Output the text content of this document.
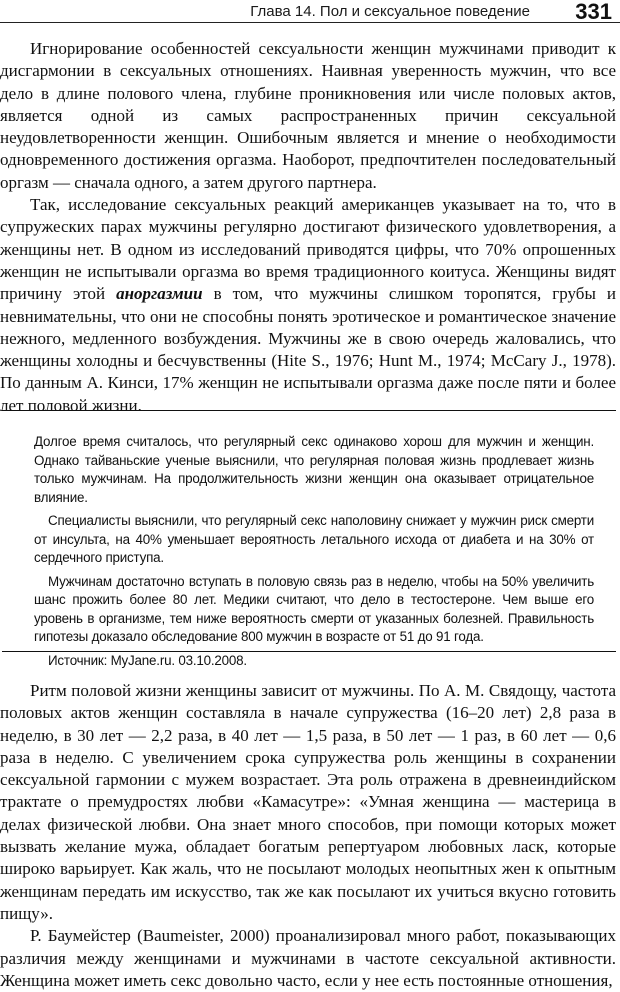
Глава 14. Пол и сексуальное поведение 331

Игнорирование особенностей сексуальности женщин мужчинами приводит к дисгармонии в сексуальных отношениях. Наивная уверенность мужчин, что все дело в длине полового члена, глубине проникновения или числе половых актов, является одной из самых распространенных причин сексуальной неудовлетворенности женщин. Ошибочным является и мнение о необходимости одновременного достижения оргазма. Наоборот, предпочтителен последовательный оргазм — сначала одного, а затем другого партнера.

Так, исследование сексуальных реакций американцев указывает на то, что в супружеских парах мужчины регулярно достигают физического удовлетворения, а женщины нет. В одном из исследований приводятся цифры, что 70% опрошенных женщин не испытывали оргазма во время традиционного коитуса. Женщины видят причину этой аноргазмии в том, что мужчины слишком торопятся, грубы и невнимательны, что они не способны понять эротическое и романтическое значение нежного, медленного возбуждения. Мужчины же в свою очередь жаловались, что женщины холодны и бесчувственны (Hite S., 1976; Hunt M., 1974; McCary J., 1978). По данным А. Кинси, 17% женщин не испытывали оргазма даже после пяти и более лет половой жизни.

Долгое время считалось, что регулярный секс одинаково хорош для мужчин и женщин. Однако тайваньские ученые выяснили, что регулярная половая жизнь продлевает жизнь только мужчинам. На продолжительность жизни женщин она оказывает отрицательное влияние.

Специалисты выяснили, что регулярный секс наполовину снижает у мужчин риск смерти от инсульта, на 40% уменьшает вероятность летального исхода от диабета и на 30% от сердечного приступа.

Мужчинам достаточно вступать в половую связь раз в неделю, чтобы на 50% увеличить шанс прожить более 80 лет. Медики считают, что дело в тестостероне. Чем выше его уровень в организме, тем ниже вероятность смерти от указанных болезней. Правильность гипотезы доказало обследование 800 мужчин в возрасте от 51 до 91 года.

Источник: MyJane.ru. 03.10.2008.

Ритм половой жизни женщины зависит от мужчины. По А. М. Свядощу, частота половых актов женщин составляла в начале супружества (16–20 лет) 2,8 раза в неделю, в 30 лет — 2,2 раза, в 40 лет — 1,5 раза, в 50 лет — 1 раз, в 60 лет — 0,6 раза в неделю. С увеличением срока супружества роль женщины в сохранении сексуальной гармонии с мужем возрастает. Эта роль отражена в древнеиндийском трактате о премудростях любви «Камасутре»: «Умная женщина — мастерица в делах физической любви. Она знает много способов, при помощи которых может вызвать желание мужа, обладает богатым репертуаром любовных ласк, которые широко варьирует. Как жаль, что не посылают молодых неопытных жен к опытным женщинам передать им искусство, так же как посылают их учиться вкусно готовить пищу».

Р. Баумейстер (Baumeister, 2000) проанализировал много работ, показывающих различия между женщинами и мужчинами в частоте сексуальной активности. Женщина может иметь секс довольно часто, если у нее есть постоянные отношения,
